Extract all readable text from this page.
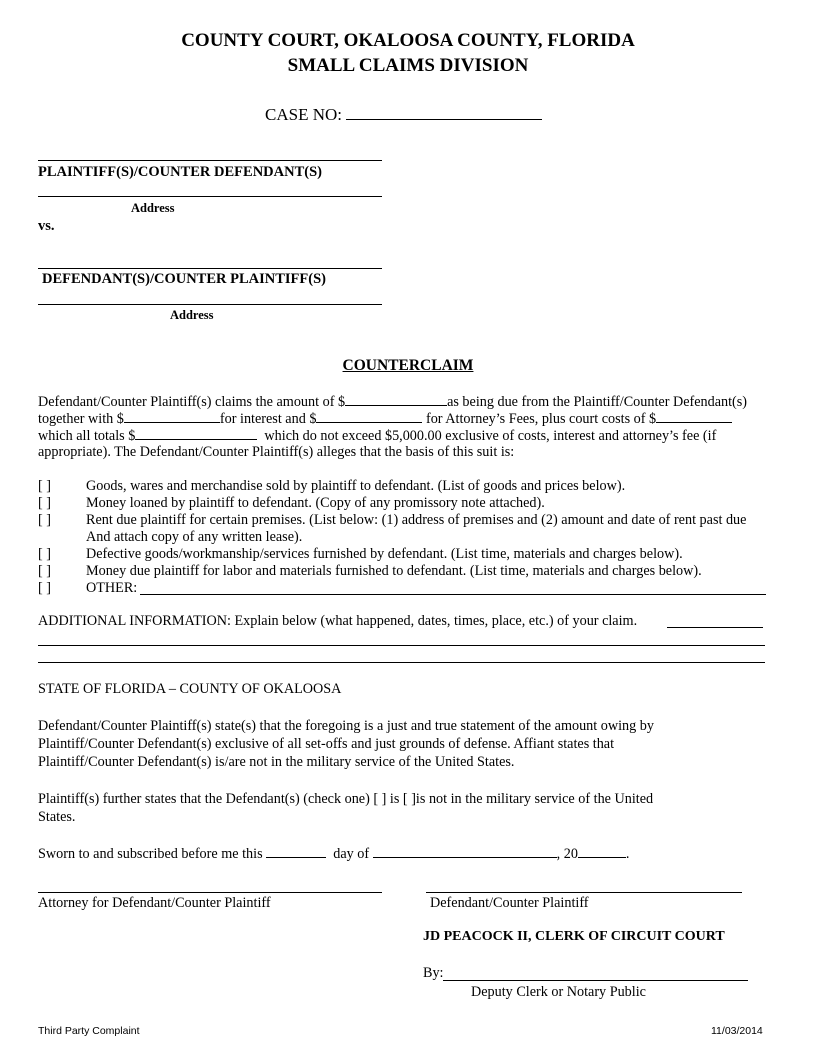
COUNTY COURT, OKALOOSA COUNTY, FLORIDA
SMALL CLAIMS DIVISION
CASE NO:
PLAINTIFF(S)/COUNTER DEFENDANT(S)
Address
vs.
DEFENDANT(S)/COUNTER PLAINTIFF(S)
Address
COUNTERCLAIM
Defendant/Counter Plaintiff(s) claims the amount of $	as being due from the Plaintiff/Counter Defendant(s)
together with $	for interest and $	for Attorney’s Fees, plus court costs of $
which all totals $	which do not exceed $5,000.00 exclusive of costs, interest and attorney’s fee (if
appropriate). The Defendant/Counter Plaintiff(s) alleges that the basis of this suit is:
[ ] Goods, wares and merchandise sold by plaintiff to defendant. (List of goods and prices below).
[ ] Money loaned by plaintiff to defendant. (Copy of any promissory note attached).
[ ] Rent due plaintiff for certain premises. (List below: (1) address of premises and (2) amount and date of rent past due
And attach copy of any written lease).
[ ] Defective goods/workmanship/services furnished by defendant. (List time, materials and charges below).
[ ] Money due plaintiff for labor and materials furnished to defendant. (List time, materials and charges below).
[ ] OTHER:
ADDITIONAL INFORMATION: Explain below (what happened, dates, times, place, etc.) of your claim.
STATE OF FLORIDA – COUNTY OF OKALOOSA
Defendant/Counter Plaintiff(s) state(s) that the foregoing is a just and true statement of the amount owing by
Plaintiff/Counter Defendant(s) exclusive of all set-offs and just grounds of defense. Affiant states that
Plaintiff/Counter Defendant(s) is/are not in the military service of the United States.
Plaintiff(s) further states that the Defendant(s) (check one) [ ] is [ ]is not in the military service of the United
States.
Sworn to and subscribed before me this	day of	, 20	.
Attorney for Defendant/Counter Plaintiff	Defendant/Counter Plaintiff
JD PEACOCK II, CLERK OF CIRCUIT COURT
By:
Deputy Clerk or Notary Public
Third Party Complaint	11/03/2014
